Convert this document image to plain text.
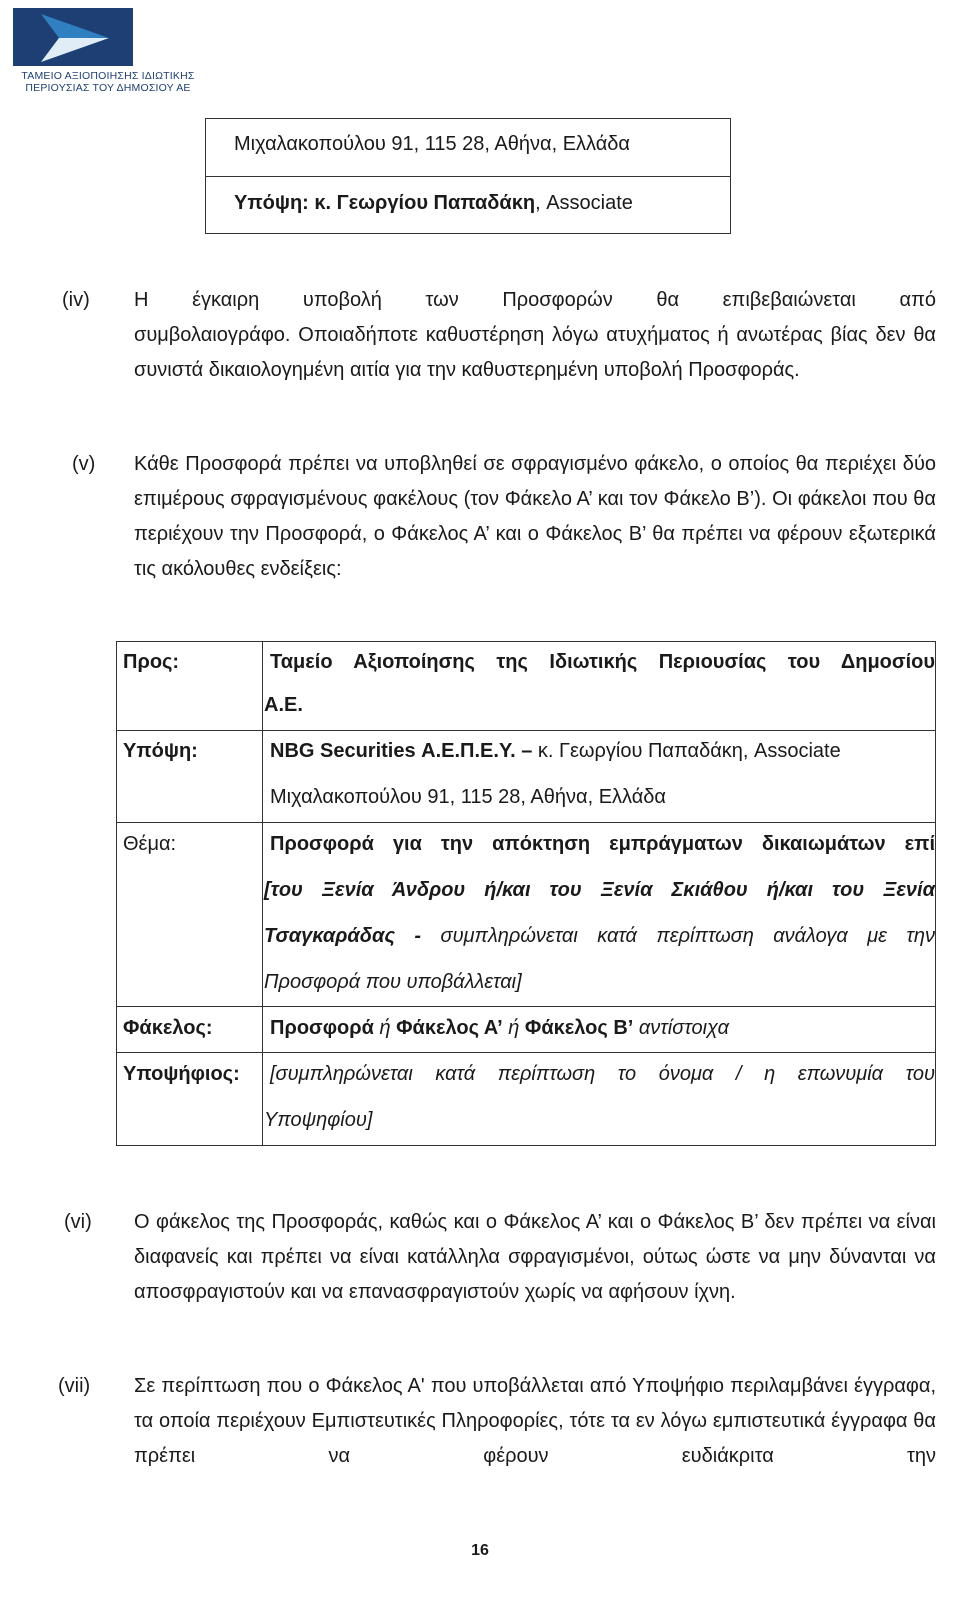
ΤΑΜΕΙΟ ΑΞΙΟΠΟΙΗΣΗΣ ΙΔΙΩΤΙΚΗΣ
ΠΕΡΙΟΥΣΙΑΣ ΤΟΥ ΔΗΜΟΣΙΟΥ ΑΕ
Μιχαλακοπούλου 91, 115 28, Αθήνα, Ελλάδα
Υπόψη: κ. Γεωργίου Παπαδάκη, Associate
(iv) Η έγκαιρη υποβολή των Προσφορών θα επιβεβαιώνεται από
συμβολαιογράφο. Οποιαδήποτε καθυστέρηση λόγω ατυχήματος ή ανωτέρας βίας δεν θα συνιστά δικαιολογημένη αιτία για την καθυστερημένη υποβολή Προσφοράς.
(v) Κάθε Προσφορά πρέπει να υποβληθεί σε σφραγισμένο φάκελο, ο οποίος θα περιέχει δύο επιμέρους σφραγισμένους φακέλους (τον Φάκελο Α’ και τον Φάκελο Β’). Οι φάκελοι που θα περιέχουν την Προσφορά, ο Φάκελος Α’ και ο Φάκελος Β’ θα πρέπει να φέρουν εξωτερικά τις ακόλουθες ενδείξεις:
Προς:	Ταμείο Αξιοποίησης της Ιδιωτικής Περιουσίας του Δημοσίου
Α.Ε.
Υπόψη:	NBG Securities Α.Ε.Π.Ε.Υ. – κ. Γεωργίου Παπαδάκη, Associate
Μιχαλακοπούλου 91, 115 28, Αθήνα, Ελλάδα
Θέμα:	Προσφορά για την απόκτηση εμπράγματων δικαιωμάτων επί
[του Ξενία Άνδρου ή/και του Ξενία Σκιάθου ή/και του Ξενία
Τσαγκαράδας - συμπληρώνεται κατά περίπτωση ανάλογα με την
Προσφορά που υποβάλλεται]
Φάκελος:	Προσφορά ή Φάκελος Α’ ή Φάκελος Β’ αντίστοιχα
Υποψήφιος: [συμπληρώνεται κατά περίπτωση το όνομα / η επωνυμία του
Υποψηφίου]
(vi) Ο φάκελος της Προσφοράς, καθώς και ο Φάκελος Α’ και ο Φάκελος Β’ δεν πρέπει να είναι διαφανείς και πρέπει να είναι κατάλληλα σφραγισμένοι, ούτως ώστε να μην δύνανται να αποσφραγιστούν και να επανασφραγιστούν χωρίς να αφήσουν ίχνη.
(vii) Σε περίπτωση που ο Φάκελος Α' που υποβάλλεται από Υποψήφιο περιλαμβάνει έγγραφα, τα οποία περιέχουν Εμπιστευτικές Πληροφορίες, τότε τα εν λόγω εμπιστευτικά έγγραφα θα πρέπει να φέρουν ευδιάκριτα την
16
